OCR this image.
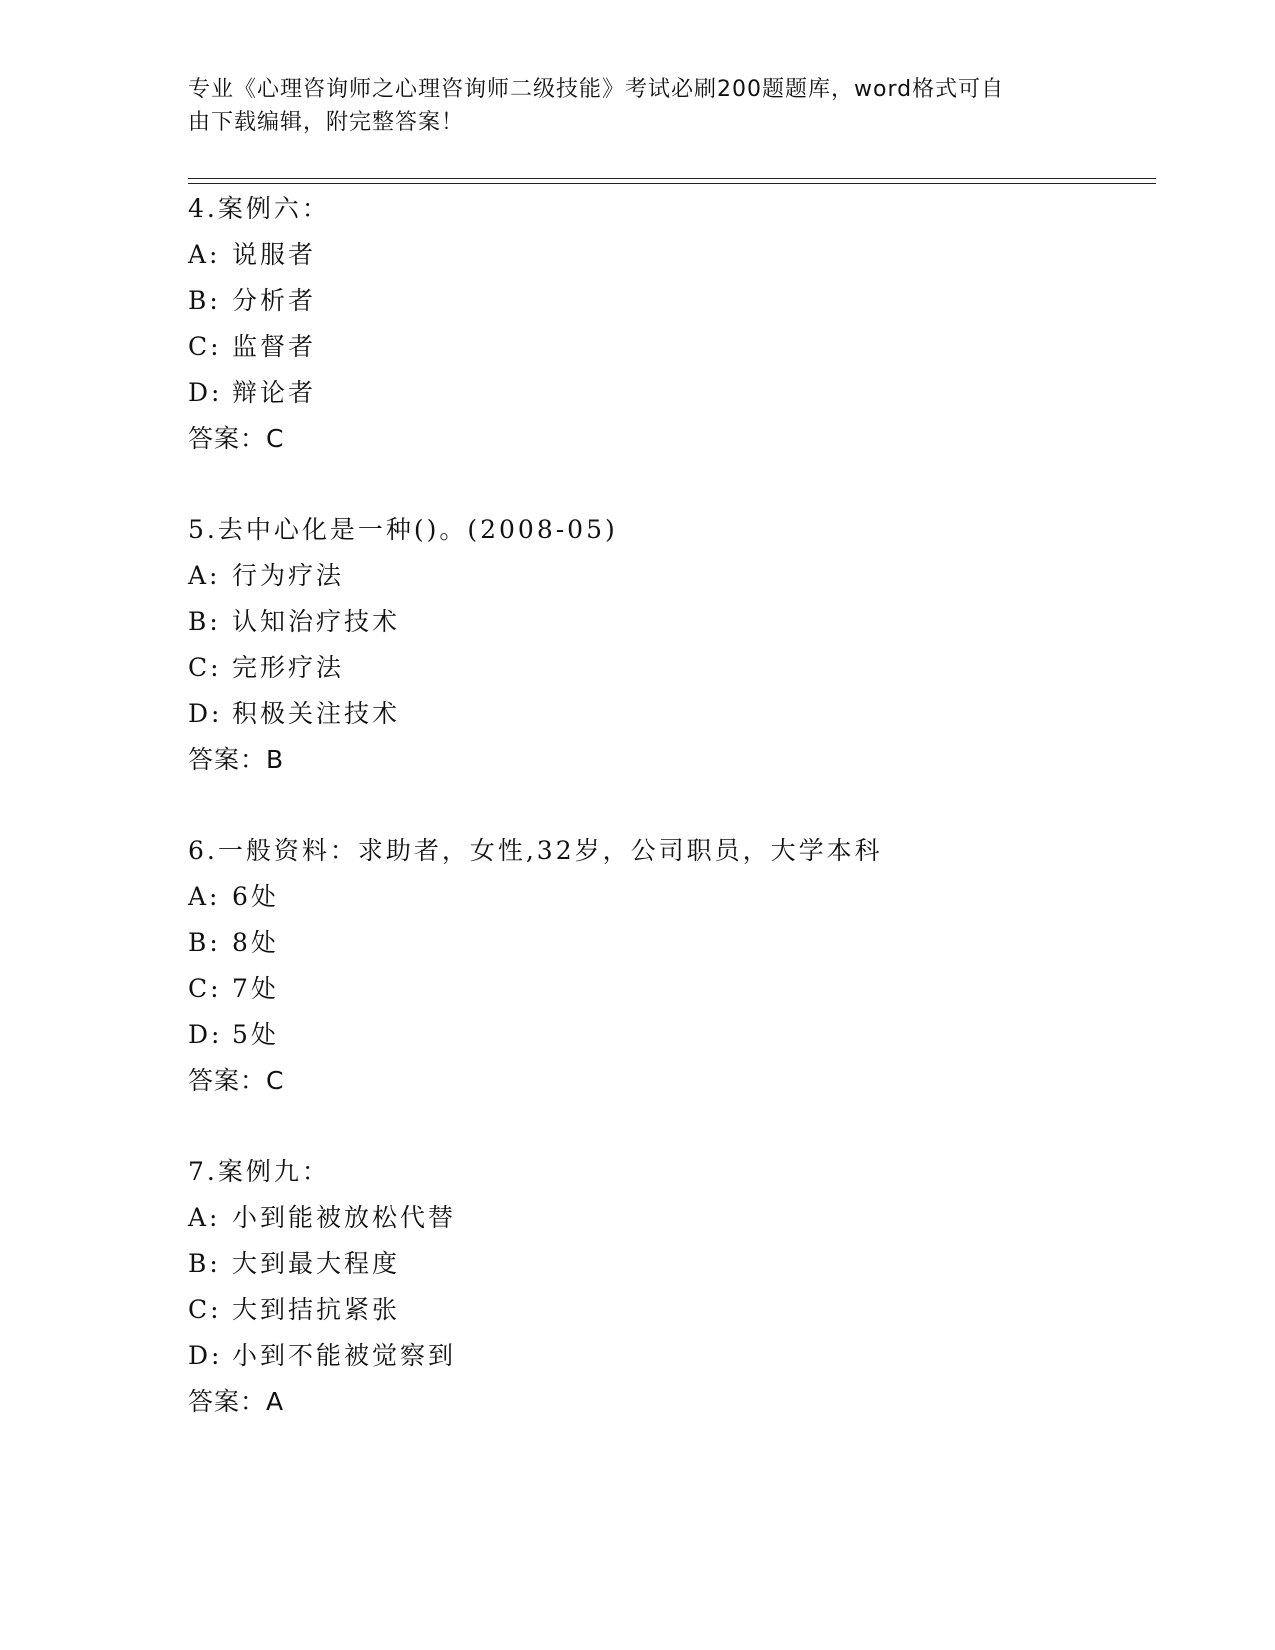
专业《心理咨询师之心理咨询师二级技能》考试必刷200题题库，word格式可自
由下载编辑，附完整答案！
4.案例六：
A: 说服者
B: 分析者
C: 监督者
D: 辩论者
答案：C
5.去中心化是一种()。(2008-05)
A: 行为疗法
B: 认知治疗技术
C: 完形疗法
D: 积极关注技术
答案：B
6.一般资料：求助者，女性,32岁，公司职员，大学本科
A: 6处
B: 8处
C: 7处
D: 5处
答案：C
7.案例九：
A: 小到能被放松代替
B: 大到最大程度
C: 大到拮抗紧张
D: 小到不能被觉察到
答案：A
